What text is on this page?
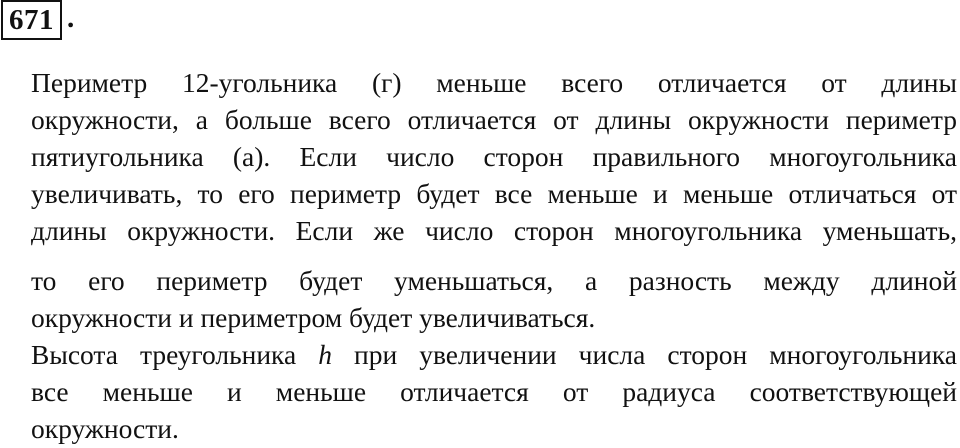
671 .
Периметр 12-угольника (г) меньше всего отличается от длины
окружности, а больше всего отличается от длины окружности периметр
пятиугольника (а). Если число сторон правильного многоугольника
увеличивать, то его периметр будет все меньше и меньше отличаться от
длины окружности. Если же число сторон многоугольника уменьшать,
то его периметр будет уменьшаться, а разность между длиной
окружности и периметром будет увеличиваться.
Высота треугольника h при увеличении числа сторон многоугольника
все меньше и меньше отличается от радиуса соответствующей
окружности.
